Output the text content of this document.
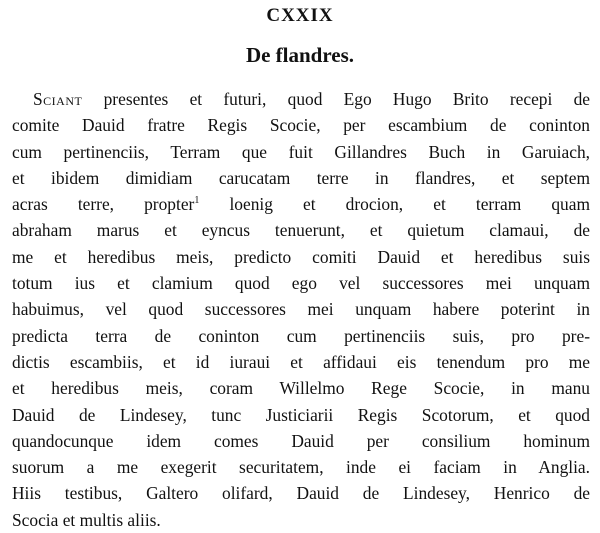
CXXIX
De flandres.
Sciant presentes et futuri, quod Ego Hugo Brito recepi de
comite Dauid fratre Regis Scocie, per escambium de coninton
cum pertinenciis, Terram que fuit Gillandres Buch in Garuiach,
et ibidem dimidiam carucatam terre in flandres, et septem
acras terre, propter$^1$ loenig et drocion, et terram quam
abraham marus et eyncus tenuerunt, et quietum clamaui, de
me et heredibus meis, predicto comiti Dauid et heredibus suis
totum ius et clamium quod ego vel successores mei unquam
habuimus, vel quod successores mei unquam habere poterint in
predicta terra de coninton cum pertinenciis suis, pro pre-
dictis escambiis, et id iuraui et affidaui eis tenendum pro me
et heredibus meis, coram Willelmo Rege Scocie, in manu
Dauid de Lindesey, tunc Justiciarii Regis Scotorum, et quod
quandocunque idem comes Dauid per consilium hominum
suorum a me exegerit securitatem, inde ei faciam in Anglia.
Hiis testibus, Galtero olifard, Dauid de Lindesey, Henrico de
Scocia et multis aliis.
